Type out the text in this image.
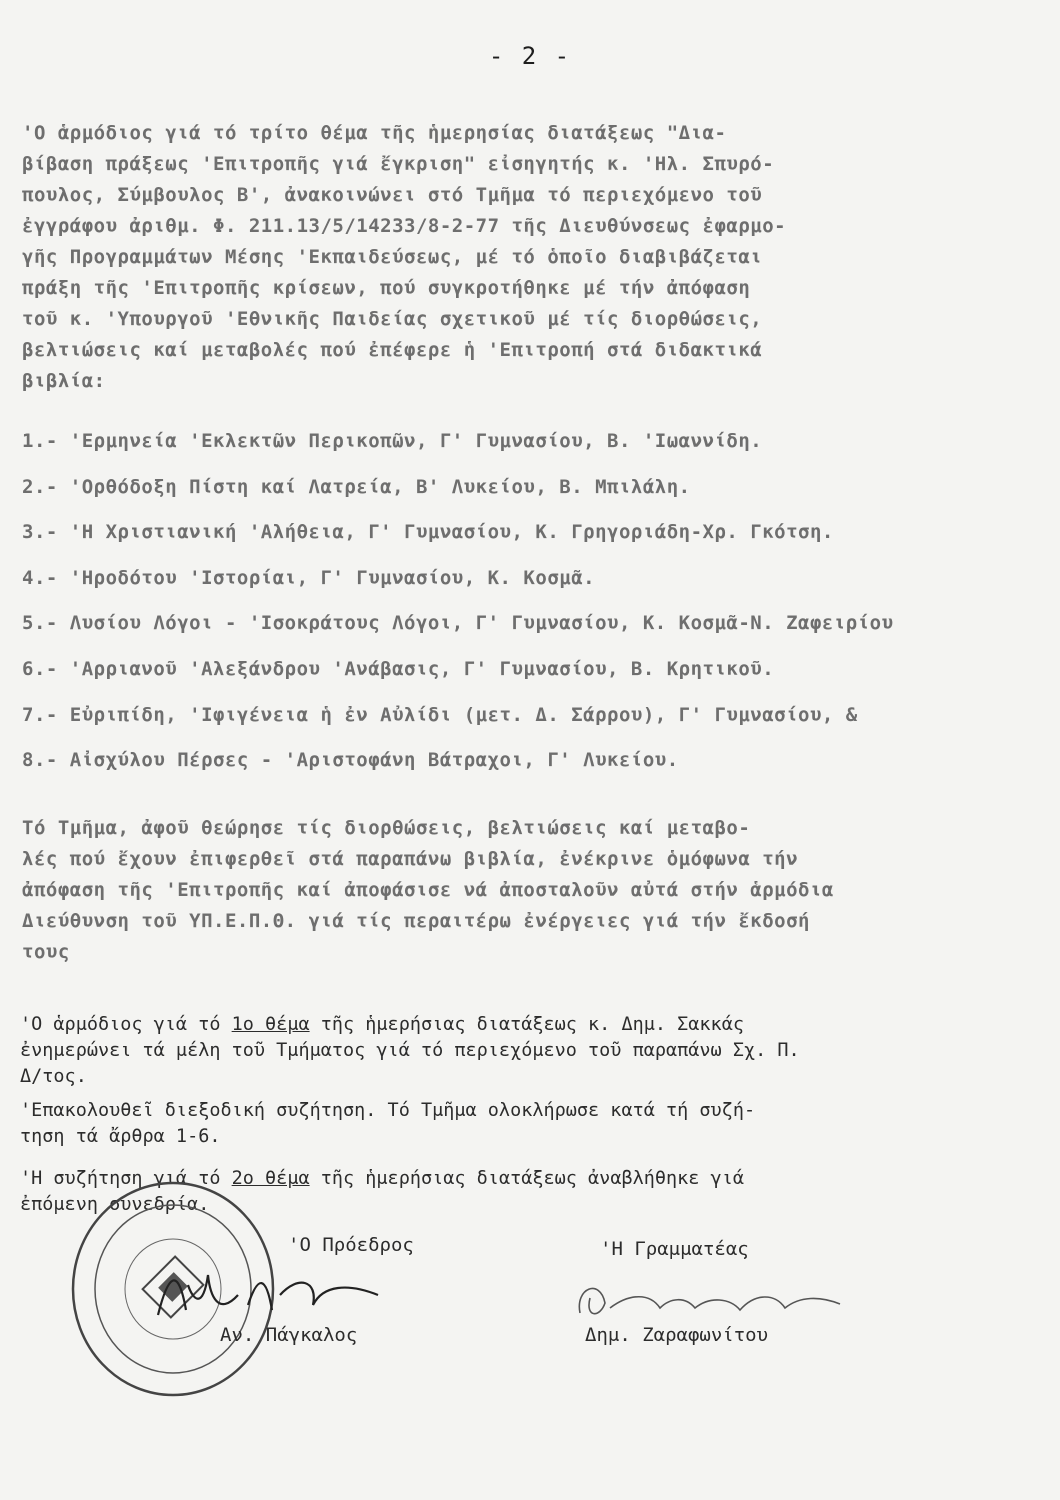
- 2 -
'Ο ἁρμόδιος γιά τό τρίτο θέμα τῆς ἡμερησίας διατάξεως "Δια-
βίβαση πράξεως 'Επιτροπῆς γιά ἔγκριση" εἰσηγητής κ. 'Ηλ. Σπυρό-
πουλος, Σύμβουλος Β', ἀνακοινώνει στό Τμῆμα τό περιεχόμενο τοῦ
ἐγγράφου ἀριθμ. Φ. 211.13/5/14233/8-2-77 τῆς Διευθύνσεως ἐφαρμο-
γῆς Προγραμμάτων Μέσης 'Εκπαιδεύσεως, μέ τό ὁποῖο διαβιβάζεται
πράξη τῆς 'Επιτροπῆς κρίσεων, πού συγκροτήθηκε μέ τήν ἀπόφαση
τοῦ κ. 'Υπουργοῦ 'Εθνικῆς Παιδείας σχετικοῦ μέ τίς διορθώσεις,
βελτιώσεις καί μεταβολές πού ἐπέφερε ἡ 'Επιτροπή στά διδακτικά
βιβλία:
1.- 'Ερμηνεία 'Εκλεκτῶν Περικοπῶν, Γ' Γυμνασίου, Β. 'Ιωαννίδη.
2.- 'Ορθόδοξη Πίστη καί Λατρεία, Β' Λυκείου, Β. Μπιλάλη.
3.- 'Η Χριστιανική 'Αλήθεια, Γ' Γυμνασίου, Κ. Γρηγοριάδη-Χρ. Γκότση.
4.- 'Ηροδότου 'Ιστορίαι, Γ' Γυμνασίου, Κ. Κοσμᾶ.
5.- Λυσίου Λόγοι - 'Ισοκράτους Λόγοι, Γ' Γυμνασίου, Κ. Κοσμᾶ-Ν. Ζαφειρίου
6.- 'Αρριανοῦ 'Αλεξάνδρου 'Ανάβασις, Γ' Γυμνασίου, Β. Κρητικοῦ.
7.- Εὐριπίδη, 'Ιφιγένεια ἡ ἐν Αὐλίδι (μετ. Δ. Σάρρου), Γ' Γυμνασίου, &
8.- Αἰσχύλου Πέρσες - 'Αριστοφάνη Βάτραχοι, Γ' Λυκείου.
Τό Τμῆμα, ἀφοῦ θεώρησε τίς διορθώσεις, βελτιώσεις καί μεταβο-
λές πού ἔχουν ἐπιφερθεῖ στά παραπάνω βιβλία, ἐνέκρινε ὁμόφωνα τήν
ἀπόφαση τῆς 'Επιτροπῆς καί ἀποφάσισε νά ἀποσταλοῦν αὐτά στήν ἁρμόδια
Διεύθυνση τοῦ ΥΠ.Ε.Π.Θ. γιά τίς περαιτέρω ἐνέργειες γιά τήν ἔκδοσή
τους
'Ο ἁρμόδιος γιά τό 1ο θέμα τῆς ἡμερήσιας διατάξεως κ. Δημ. Σακκάς
ἐνημερώνει τά μέλη τοῦ Τμήματος γιά τό περιεχόμενο τοῦ παραπάνω Σχ. Π.
Δ/τος.
'Επακολουθεῖ διεξοδική συζήτηση. Τό Τμῆμα ολοκλήρωσε κατά τή συζή-
τηση τά ἄρθρα 1-6.
'Η συζήτηση γιά τό 2ο θέμα τῆς ἡμερήσιας διατάξεως ἀναβλήθηκε γιά
ἐπόμενη συνεδρία.
'Ο Πρόεδρος
Αν. Πάγκαλος
'Η Γραμματέας
Δημ. Ζαραφωνίτου
